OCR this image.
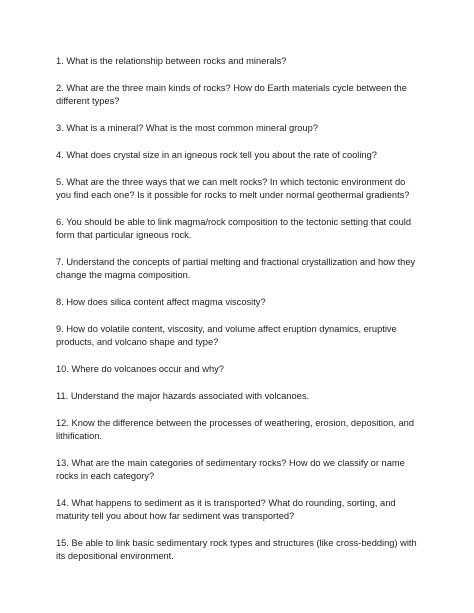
1. What is the relationship between rocks and minerals?
2. What are the three main kinds of rocks? How do Earth materials cycle between the different types?
3. What is a mineral? What is the most common mineral group?
4. What does crystal size in an igneous rock tell you about the rate of cooling?
5. What are the three ways that we can melt rocks? In which tectonic environment do you find each one? Is it possible for rocks to melt under normal geothermal gradients?
6. You should be able to link magma/rock composition to the tectonic setting that could form that particular igneous rock.
7. Understand the concepts of partial melting and fractional crystallization and how they change the magma composition.
8. How does silica content affect magma viscosity?
9. How do volatile content, viscosity, and volume affect eruption dynamics, eruptive products, and volcano shape and type?
10. Where do volcanoes occur and why?
11. Understand the major hazards associated with volcanoes.
12. Know the difference between the processes of weathering, erosion, deposition, and lithification.
13. What are the main categories of sedimentary rocks? How do we classify or name rocks in each category?
14. What happens to sediment as it is transported? What do rounding, sorting, and maturity tell you about how far sediment was transported?
15. Be able to link basic sedimentary rock types and structures (like cross-bedding) with its depositional environment.
